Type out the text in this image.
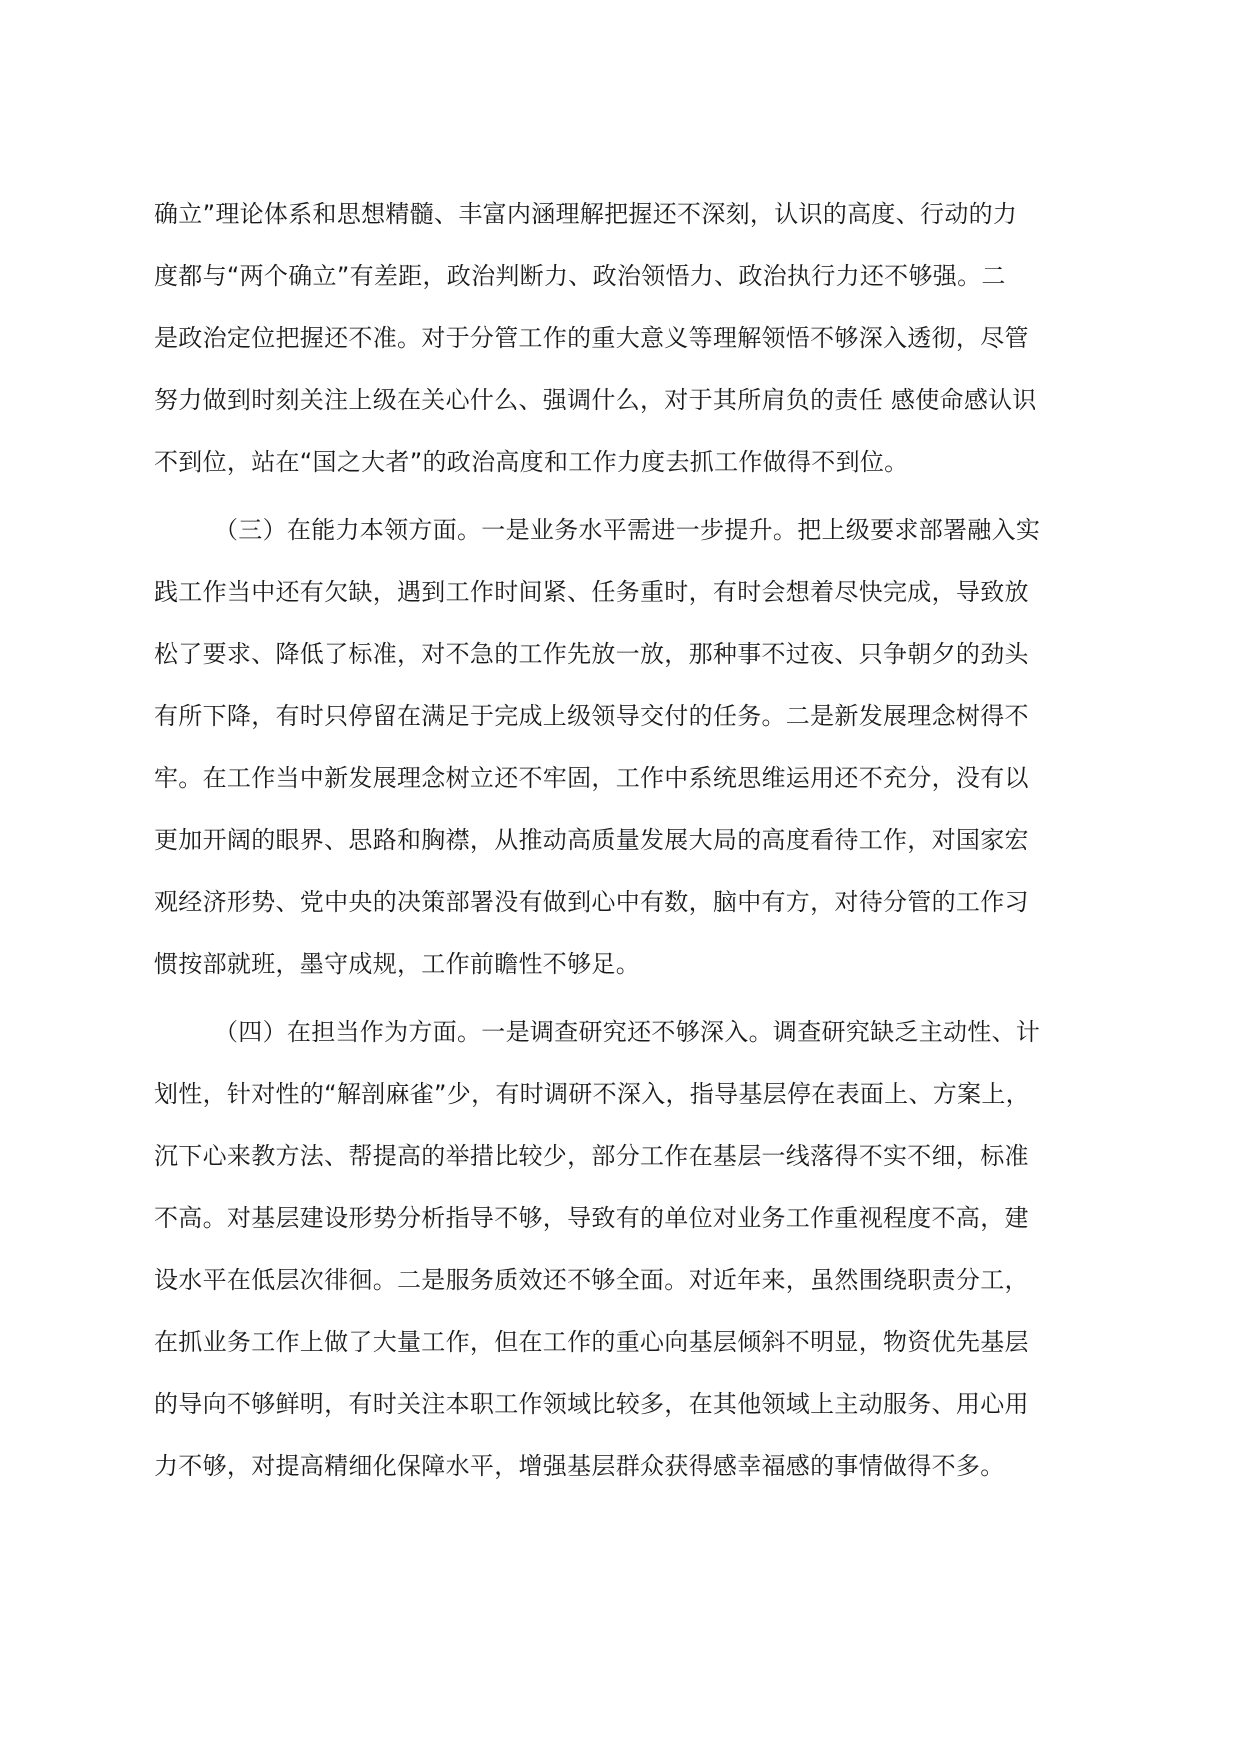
确立”理论体系和思想精髓、丰富内涵理解把握还不深刻，认识的高度、行动的力
度都与“两个确立”有差距，政治判断力、政治领悟力、政治执行力还不够强。二
是政治定位把握还不准。对于分管工作的重大意义等理解领悟不够深入透彻，尽管
努力做到时刻关注上级在关心什么、强调什么，对于其所肩负的责任 感使命感认识
不到位，站在“国之大者”的政治高度和工作力度去抓工作做得不到位。
（三）在能力本领方面。一是业务水平需进一步提升。把上级要求部署融入实
践工作当中还有欠缺，遇到工作时间紧、任务重时，有时会想着尽快完成，导致放
松了要求、降低了标准，对不急的工作先放一放，那种事不过夜、只争朝夕的劲头
有所下降，有时只停留在满足于完成上级领导交付的任务。二是新发展理念树得不
牢。在工作当中新发展理念树立还不牢固，工作中系统思维运用还不充分，没有以
更加开阔的眼界、思路和胸襟，从推动高质量发展大局的高度看待工作，对国家宏
观经济形势、党中央的决策部署没有做到心中有数，脑中有方，对待分管的工作习
惯按部就班，墨守成规，工作前瞻性不够足。
（四）在担当作为方面。一是调查研究还不够深入。调查研究缺乏主动性、计
划性，针对性的“解剖麻雀”少，有时调研不深入，指导基层停在表面上、方案上，
沉下心来教方法、帮提高的举措比较少，部分工作在基层一线落得不实不细，标准
不高。对基层建设形势分析指导不够，导致有的单位对业务工作重视程度不高，建
设水平在低层次徘徊。二是服务质效还不够全面。对近年来，虽然围绕职责分工，
在抓业务工作上做了大量工作，但在工作的重心向基层倾斜不明显，物资优先基层
的导向不够鲜明，有时关注本职工作领域比较多，在其他领域上主动服务、用心用
力不够，对提高精细化保障水平，增强基层群众获得感幸福感的事情做得不多。
